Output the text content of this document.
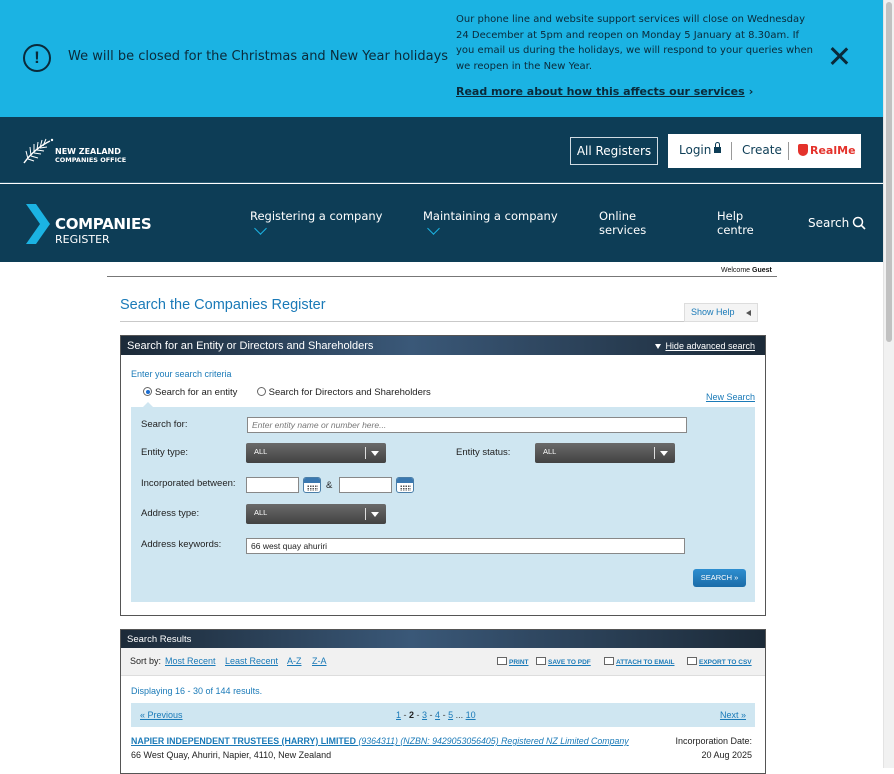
!	We will be closed for the Christmas and New Year holidays
Our phone line and website support services will close on Wednesday 24 December at 5pm and reopen on Monday 5 January at 8.30am. If you email us during the holidays, we will respond to your queries when we reopen in the New Year.
Read more about how this affects our services ›
NEW ZEALAND
COMPANIES OFFICE
All Registers	Login	Create	RealMe
COMPANIES
REGISTER
Registering a company	Maintaining a company	Online services
Help centre	Search
Welcome Guest
Search the Companies Register	Show Help
Search for an Entity or Directors and Shareholders	Hide advanced search
Enter your search criteria
Search for an entity	Search for Directors and Shareholders	New Search
Search for:
Enter entity name or number here...
Entity type:	ALL	Entity status:	ALL
Incorporated between:	&
Address type:	ALL
Address keywords:
66 west quay ahuriri
SEARCH »
Search Results
Sort by: Most Recent Least Recent A-Z Z-A	PRINT	SAVE TO PDF	ATTACH TO EMAIL	EXPORT TO CSV
Displaying 16 - 30 of 144 results.
« Previous	1 - 2 - 3 - 4 - 5 ... 10	Next »
NAPIER INDEPENDENT TRUSTEES (HARRY) LIMITED (9364311) (NZBN: 9429053056405) Registered NZ Limited Company
66 West Quay, Ahuriri, Napier, 4110, New Zealand
Incorporation Date:
20 Aug 2025
